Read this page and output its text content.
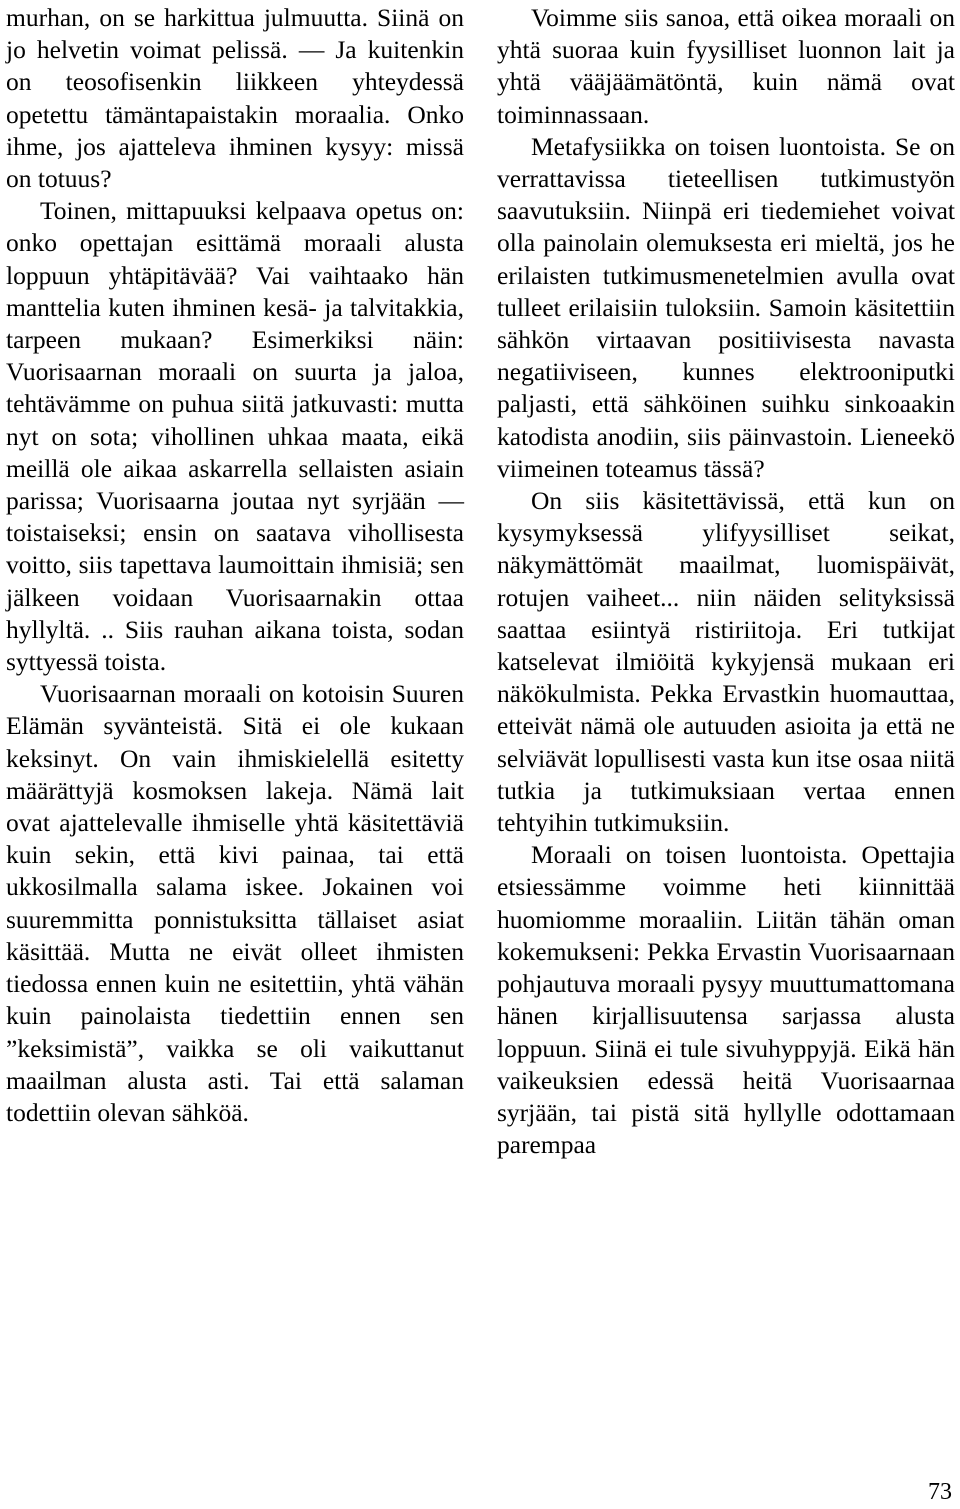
murhan, on se harkittua julmuutta. Siinä on jo helvetin voimat pelissä. — Ja kuitenkin on teosofisenkin liikkeen yhteydessä opetettu tämäntapaistakin moraalia. Onko ihme, jos ajatteleva ihminen kysyy: missä on totuus?

Toinen, mittapuuksi kelpaava opetus on: onko opettajan esittämä moraali alusta loppuun yhtäpitävää? Vai vaihtaako hän manttelia kuten ihminen kesä- ja talvitakkia, tarpeen mukaan? Esimerkiksi näin: Vuorisaarnan moraali on suurta ja jaloa, tehtävämme on puhua siitä jatkuvasti: mutta nyt on sota; vihollinen uhkaa maata, eikä meillä ole aikaa askarrella sellaisten asiain parissa; Vuorisaarna joutaa nyt syrjään — toistaiseksi; ensin on saatava vihollisesta voitto, siis tapettava laumoittain ihmisiä; sen jälkeen voidaan Vuorisaarnakin ottaa hyllyltä. .. Siis rauhan aikana toista, sodan syttyessä toista.

Vuorisaarnan moraali on kotoisin Suuren Elämän syvänteistä. Sitä ei ole kukaan keksinyt. On vain ihmiskielellä esitetty määrättyjä kosmoksen lakeja. Nämä lait ovat ajattelevalle ihmiselle yhtä käsitettäviä kuin sekin, että kivi painaa, tai että ukkosilmalla salama iskee. Jokainen voi suuremmitta ponnistuksitta tällaiset asiat käsittää. Mutta ne eivät olleet ihmisten tiedossa ennen kuin ne esitettiin, yhtä vähän kuin painolaista tiedettiin ennen sen ”keksimistä”, vaikka se oli vaikuttanut maailman alusta asti. Tai että salaman todettiin olevan sähköä.

Voimme siis sanoa, että oikea moraali on yhtä suoraa kuin fyysilliset luonnon lait ja yhtä vääjäämätöntä, kuin nämä ovat toiminnassaan.

Metafysiikka on toisen luontoista. Se on verrattavissa tieteellisen tutkimustyön saavutuksiin. Niinpä eri tiedemiehet voivat olla painolain olemuksesta eri mieltä, jos he erilaisten tutkimusmenetelmien avulla ovat tulleet erilaisiin tuloksiin. Samoin käsitettiin sähkön virtaavan positiivisesta navasta negatiiviseen, kunnes elektrooniputki paljasti, että sähköinen suihku sinkoaakin katodista anodiin, siis päinvastoin. Lieneekö viimeinen toteamus tässä?

On siis käsitettävissä, että kun on kysymyksessä ylifyysilliset seikat, näkymättömät maailmat, luomispäivät, rotujen vaiheet... niin näiden selityksissä saattaa esiintyä ristiriitoja. Eri tutkijat katselevat ilmiöitä kykyjensä mukaan eri näkökulmista. Pekka Ervastkin huomauttaa, etteivät nämä ole autuuden asioita ja että ne selviävät lopullisesti vasta kun itse osaa niitä tutkia ja tutkimuksiaan vertaa ennen tehtyihin tutkimuksiin.

Moraali on toisen luontoista. Opettajia etsiessämme voimme heti kiinnittää huomiomme moraaliin. Liitän tähän oman kokemukseni: Pekka Ervastin Vuorisaarnaan pohjautuva moraali pysyy muuttumattomana hänen kirjallisuutensa sarjassa alusta loppuun. Siinä ei tule sivuhyppyjä. Eikä hän vaikeuksien edessä heitä Vuorisaarnaa syrjään, tai pistä sitä hyllylle odottamaan parempaa

73
